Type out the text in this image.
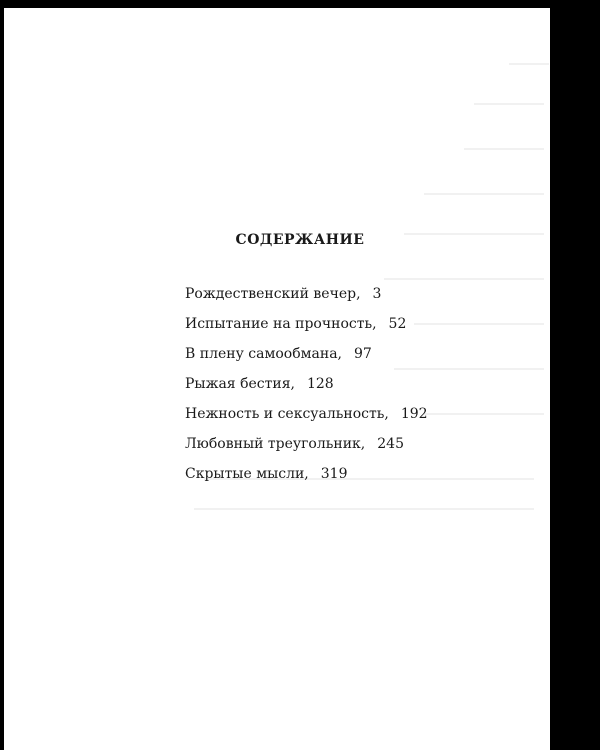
СОДЕРЖАНИЕ
Рождественский вечер, 3
Испытание на прочность, 52
В плену самообмана, 97
Рыжая бестия, 128
Нежность и сексуальность, 192
Любовный треугольник, 245
Скрытые мысли, 319
